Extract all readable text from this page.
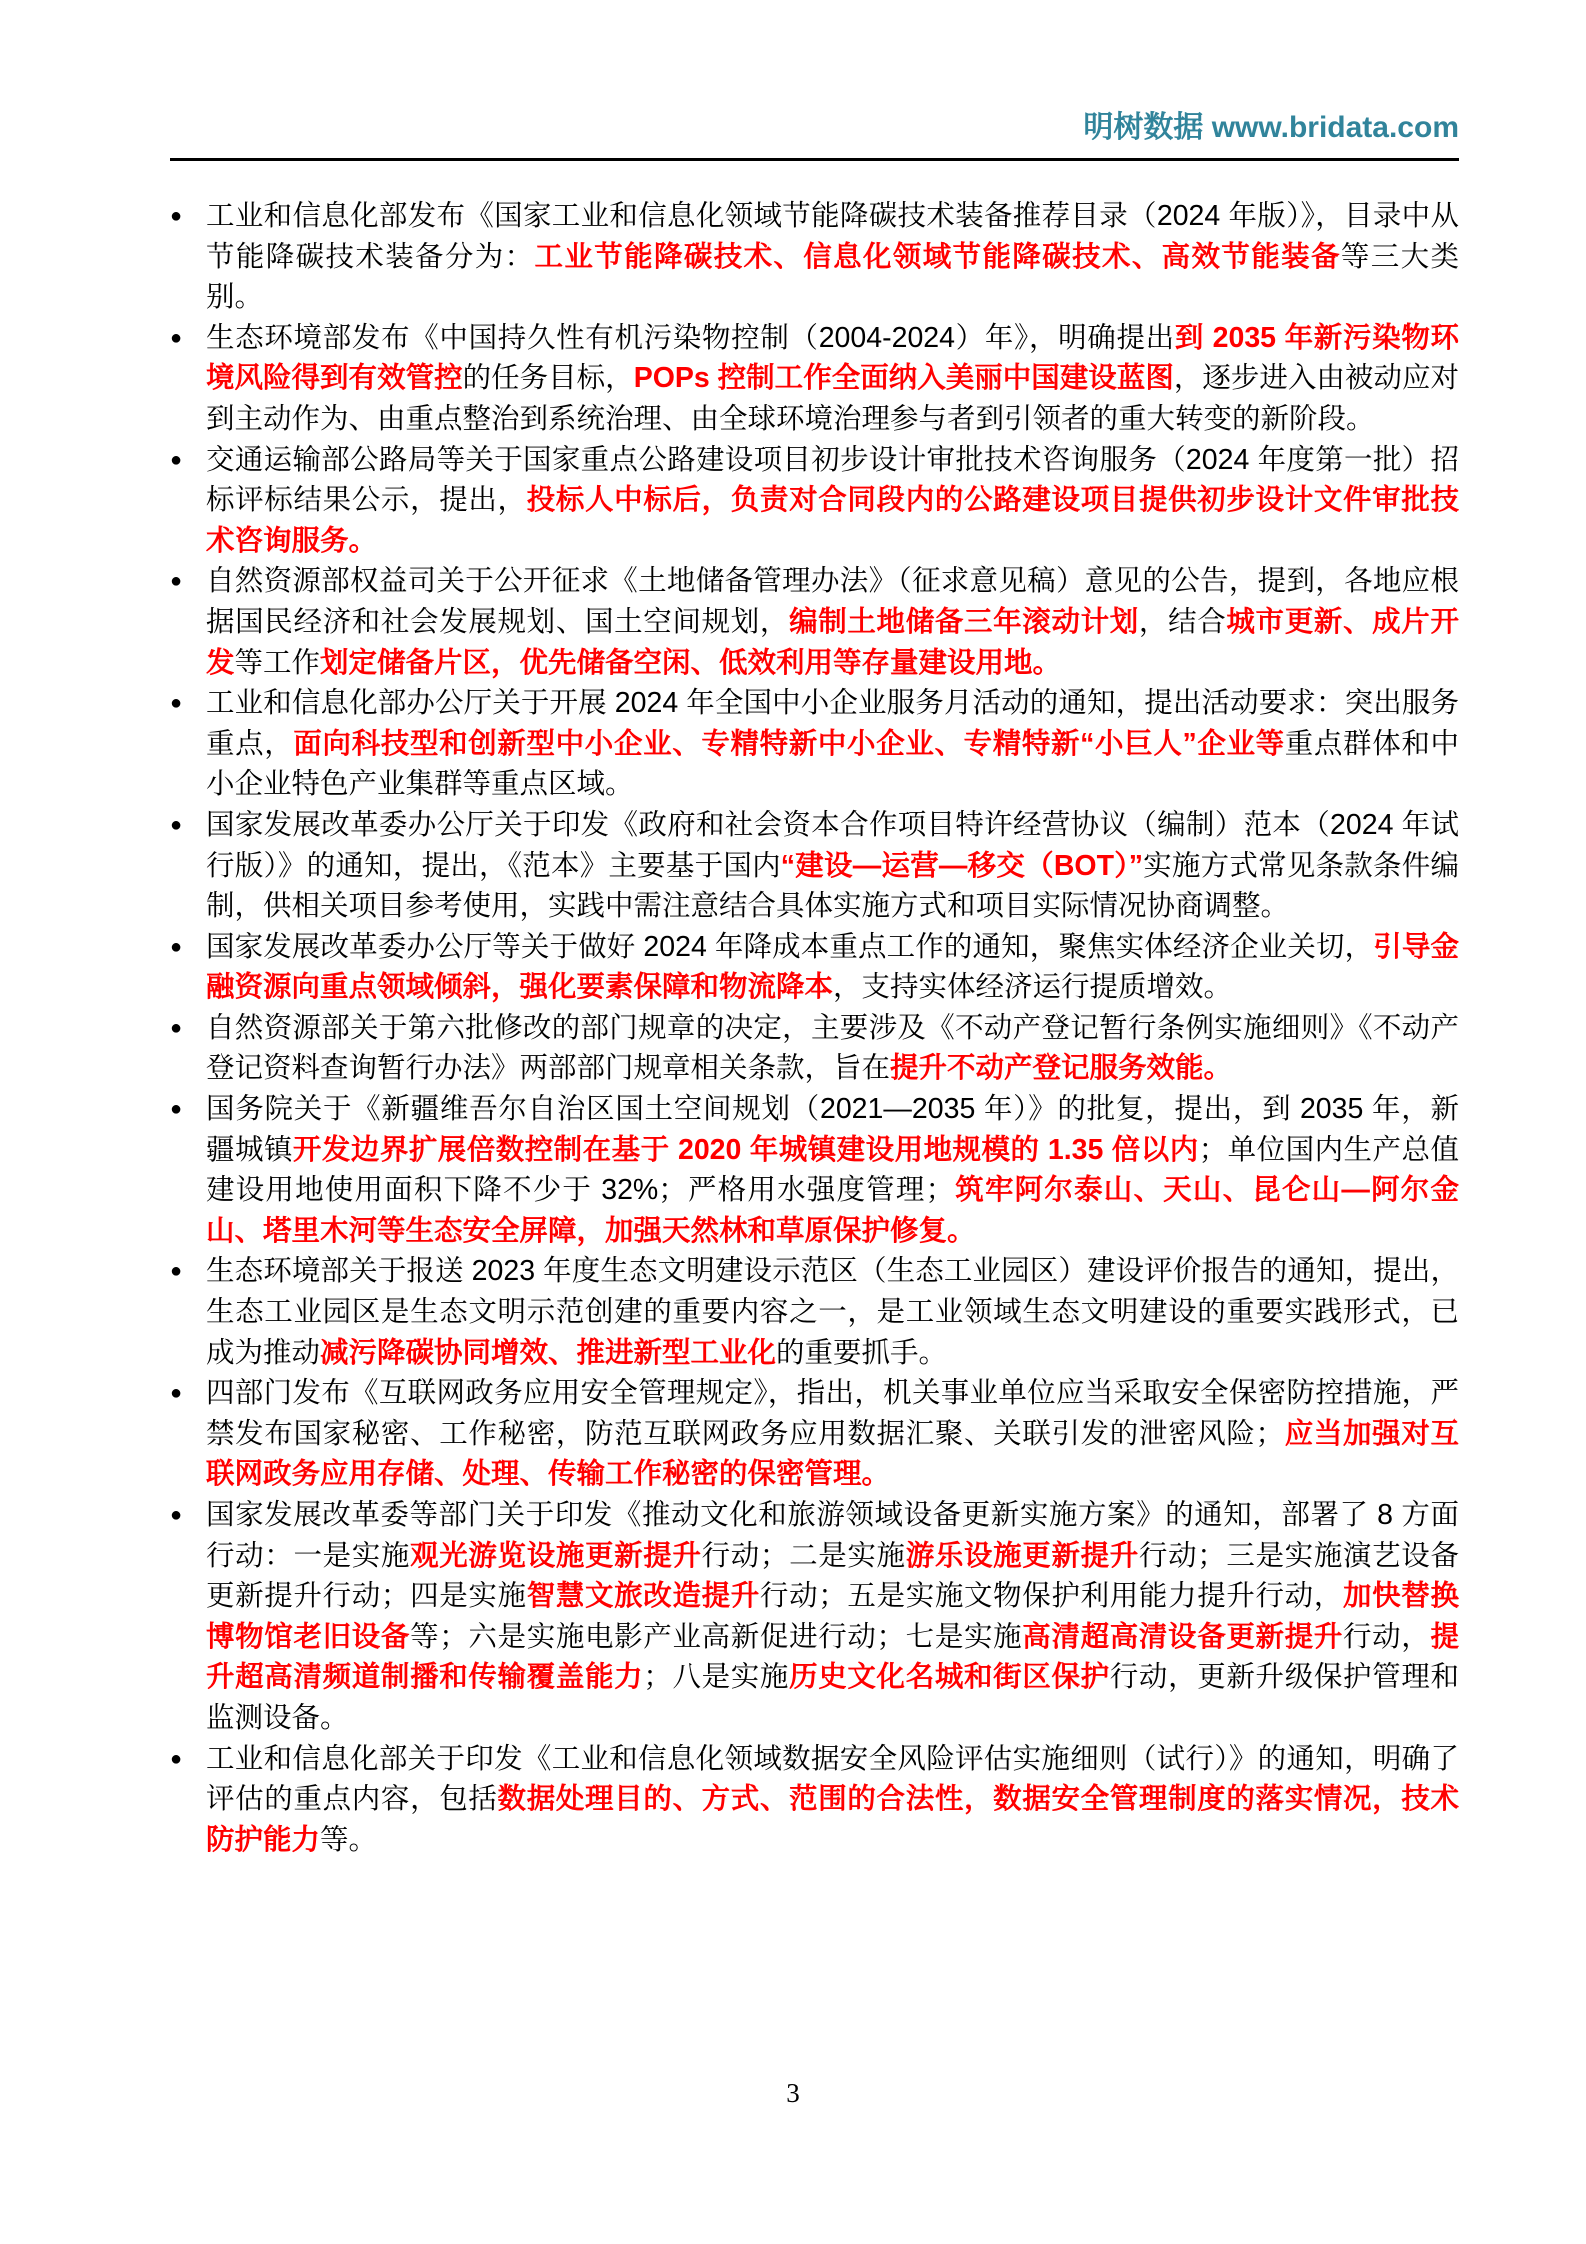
明树数据 www.bridata.com
● 工业和信息化部发布《国家工业和信息化领域节能降碳技术装备推荐目录（2024 年版）》，目录中从节能降碳技术装备分为：工业节能降碳技术、信息化领域节能降碳技术、高效节能装备等三大类别。
● 生态环境部发布《中国持久性有机污染物控制（2004-2024）年》，明确提出到 2035 年新污染物环境风险得到有效管控的任务目标，POPs 控制工作全面纳入美丽中国建设蓝图，逐步进入由被动应对到主动作为、由重点整治到系统治理、由全球环境治理参与者到引领者的重大转变的新阶段。
● 交通运输部公路局等关于国家重点公路建设项目初步设计审批技术咨询服务（2024 年度第一批）招标评标结果公示，提出，投标人中标后，负责对合同段内的公路建设项目提供初步设计文件审批技术咨询服务。
● 自然资源部权益司关于公开征求《土地储备管理办法》（征求意见稿）意见的公告，提到，各地应根据国民经济和社会发展规划、国土空间规划，编制土地储备三年滚动计划，结合城市更新、成片开发等工作划定储备片区，优先储备空闲、低效利用等存量建设用地。
● 工业和信息化部办公厅关于开展 2024 年全国中小企业服务月活动的通知，提出活动要求：突出服务重点，面向科技型和创新型中小企业、专精特新中小企业、专精特新“小巨人”企业等重点群体和中小企业特色产业集群等重点区域。
● 国家发展改革委办公厅关于印发《政府和社会资本合作项目特许经营协议（编制）范本（2024 年试行版）》的通知，提出，《范本》主要基于国内“建设—运营—移交（BOT）”实施方式常见条款条件编制，供相关项目参考使用，实践中需注意结合具体实施方式和项目实际情况协商调整。
● 国家发展改革委办公厅等关于做好 2024 年降成本重点工作的通知，聚焦实体经济企业关切，引导金融资源向重点领域倾斜，强化要素保障和物流降本，支持实体经济运行提质增效。
● 自然资源部关于第六批修改的部门规章的决定，主要涉及《不动产登记暂行条例实施细则》《不动产登记资料查询暂行办法》两部部门规章相关条款，旨在提升不动产登记服务效能。
● 国务院关于《新疆维吾尔自治区国土空间规划（2021—2035 年）》的批复，提出，到 2035 年，新疆城镇开发边界扩展倍数控制在基于 2020 年城镇建设用地规模的 1.35 倍以内；单位国内生产总值建设用地使用面积下降不少于 32%；严格用水强度管理；筑牢阿尔泰山、天山、昆仑山—阿尔金山、塔里木河等生态安全屏障，加强天然林和草原保护修复。
● 生态环境部关于报送 2023 年度生态文明建设示范区（生态工业园区）建设评价报告的通知，提出，生态工业园区是生态文明示范创建的重要内容之一，是工业领域生态文明建设的重要实践形式，已成为推动减污降碳协同增效、推进新型工业化的重要抓手。
● 四部门发布《互联网政务应用安全管理规定》，指出，机关事业单位应当采取安全保密防控措施，严禁发布国家秘密、工作秘密，防范互联网政务应用数据汇聚、关联引发的泄密风险；应当加强对互联网政务应用存储、处理、传输工作秘密的保密管理。
● 国家发展改革委等部门关于印发《推动文化和旅游领域设备更新实施方案》的通知，部署了 8 方面行动：一是实施观光游览设施更新提升行动；二是实施游乐设施更新提升行动；三是实施演艺设备更新提升行动；四是实施智慧文旅改造提升行动；五是实施文物保护利用能力提升行动，加快替换博物馆老旧设备等；六是实施电影产业高新促进行动；七是实施高清超高清设备更新提升行动，提升超高清频道制播和传输覆盖能力；八是实施历史文化名城和街区保护行动，更新升级保护管理和监测设备。
● 工业和信息化部关于印发《工业和信息化领域数据安全风险评估实施细则（试行）》的通知，明确了评估的重点内容，包括数据处理目的、方式、范围的合法性，数据安全管理制度的落实情况，技术防护能力等。
3
